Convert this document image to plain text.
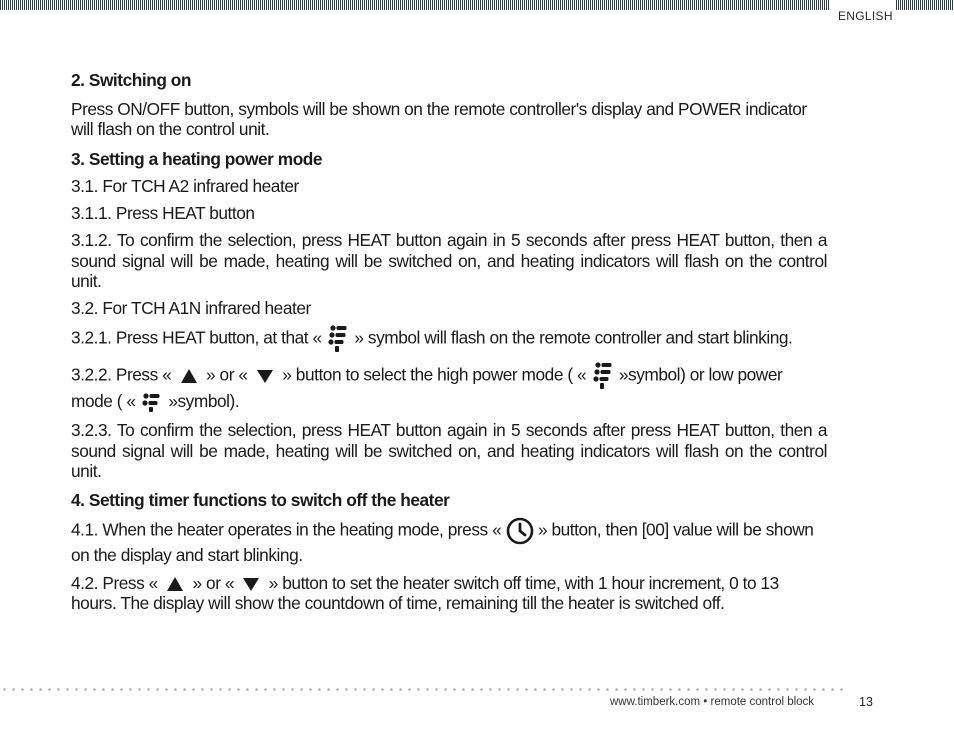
ENGLISH

2. Switching on

Press ON/OFF button, symbols will be shown on the remote controller's display and POWER indicator will flash on the control unit.

3. Setting a heating power mode

3.1. For TCH A2 infrared heater

3.1.1. Press HEAT button

3.1.2. To confirm the selection, press HEAT button again in 5 seconds after press HEAT button, then a sound signal will be made, heating will be switched on, and heating indicators will flash on the control unit.

3.2. For TCH A1N infrared heater

3.2.1. Press HEAT button, at that « » symbol will flash on the remote controller and start blinking.

3.2.2. Press « » or « » button to select the high power mode ( « »symbol) or low power mode ( « »symbol).

3.2.3. To confirm the selection, press HEAT button again in 5 seconds after press HEAT button, then a sound signal will be made, heating will be switched on, and heating indicators will flash on the control unit.

4. Setting timer functions to switch off the heater

4.1. When the heater operates in the heating mode, press « » button, then [00] value will be shown on the display and start blinking.

4.2. Press « » or « » button to set the heater switch off time, with 1 hour increment, 0 to 13 hours. The display will show the countdown of time, remaining till the heater is switched off.

www.timberk.com • remote control block	13
